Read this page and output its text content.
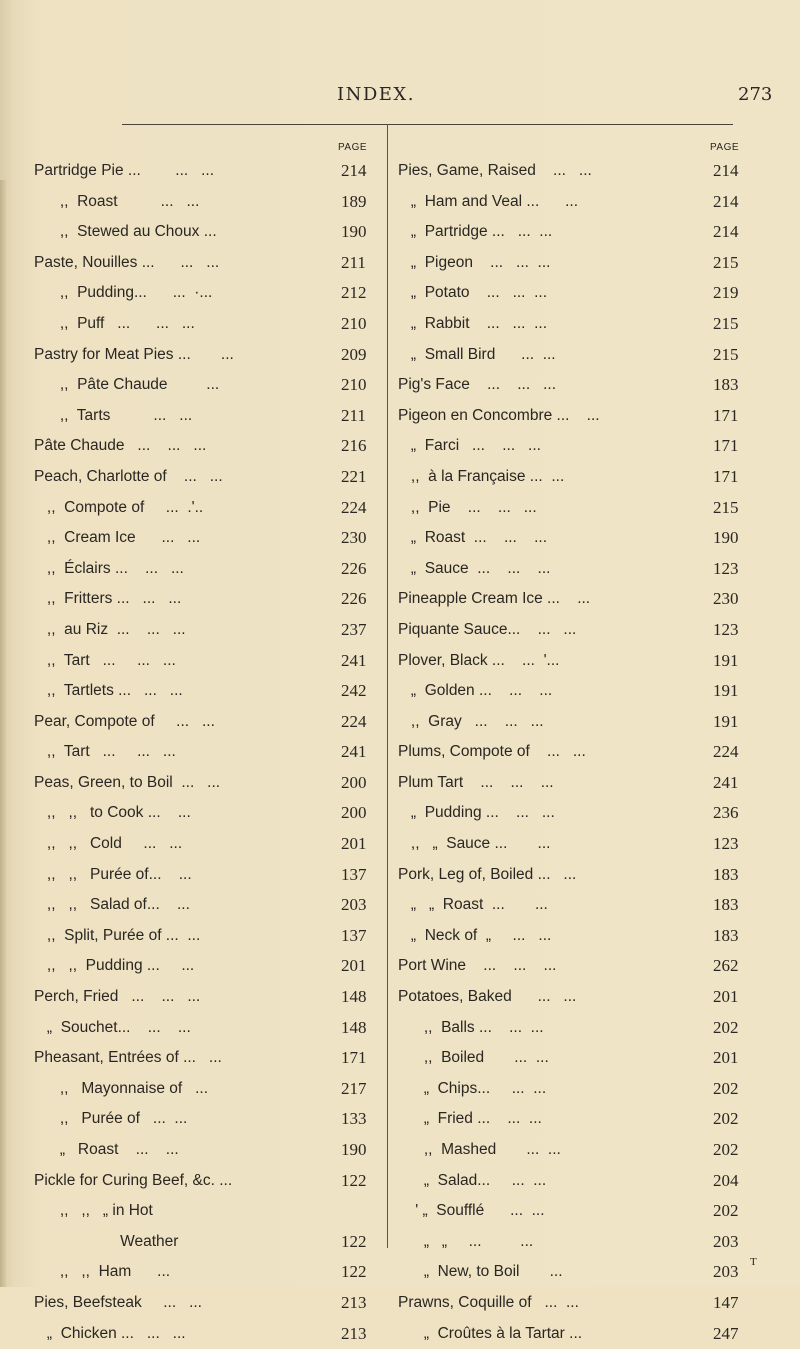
INDEX.	273
PAGE
Partridge Pie ...        ...   ...	214
,,  Roast          ...   ...	189
,,  Stewed au Choux ...	190
Paste, Nouilles ...      ...   ...	211
,,  Pudding...      ...  ·...	212
,,  Puff   ...      ...   ...	210
Pastry for Meat Pies ...       ...	209
,,  Pâte Chaude         ...	210
,,  Tarts          ...   ...	211
Pâte Chaude   ...    ...   ...	216
Peach, Charlotte of    ...   ...	221
,,  Compote of     ...  .'..	224
,,  Cream Ice      ...   ...	230
,,  Éclairs ...    ...   ...	226
,,  Fritters ...   ...   ...	226
,,  au Riz  ...    ...   ...	237
,,  Tart   ...     ...   ...	241
,,  Tartlets ...   ...   ...	242
Pear, Compote of     ...   ...	224
,,  Tart   ...     ...   ...	241
Peas, Green, to Boil  ...   ...	200
,,   ,,   to Cook ...    ...	200
,,   ,,   Cold     ...   ...	201
,,   ,,   Purée of...    ...	137
,,   ,,   Salad of...    ...	203
,,  Split, Purée of ...  ...	137
,,   ,,  Pudding ...     ...	201
Perch, Fried   ...    ...   ...	148
„  Souchet...    ...    ...	148
Pheasant, Entrées of ...   ...	171
,,   Mayonnaise of   ...	217
,,   Purée of   ...  ...	133
„   Roast    ...    ...	190
Pickle for Curing Beef, &c. ...	122
,,   ,,   „ in Hot
Weather	122
,,   ,,  Ham      ...	122
Pies, Beefsteak     ...   ...	213
„  Chicken ...   ...   ...	213
PAGE
Pies, Game, Raised    ...   ...	214
„  Ham and Veal ...      ...	214
„  Partridge ...   ...  ...	214
„  Pigeon    ...   ...  ...	215
„  Potato    ...   ...  ...	219
„  Rabbit    ...   ...  ...	215
„  Small Bird      ...  ...	215
Pig's Face    ...    ...   ...	183
Pigeon en Concombre ...    ...	171
„  Farci   ...    ...   ...	171
,,  à la Française ...  ...	171
,,  Pie    ...    ...   ...	215
„  Roast  ...    ...    ...	190
„  Sauce  ...    ...    ...	123
Pineapple Cream Ice ...    ...	230
Piquante Sauce...    ...   ...	123
Plover, Black ...    ...  '...	191
„  Golden ...    ...    ...	191
,,  Gray   ...    ...   ...	191
Plums, Compote of    ...   ...	224
Plum Tart    ...    ...    ...	241
„  Pudding ...    ...   ...	236
,,   „  Sauce ...       ...	123
Pork, Leg of, Boiled ...   ...	183
„   „  Roast  ...       ...	183
„  Neck of  „     ...   ...	183
Port Wine    ...    ...    ...	262
Potatoes, Baked      ...   ...	201
,,  Balls ...    ...  ...	202
,,  Boiled       ...  ...	201
„  Chips...     ...  ...	202
„  Fried ...    ...  ...	202
,,  Mashed       ...  ...	202
„  Salad...     ...  ...	204
' „  Soufflé      ...  ...	202
„   „     ...         ...	203
„  New, to Boil       ...	203
Prawns, Coquille of   ...  ...	147
„  Croûtes à la Tartar ...	247
T
